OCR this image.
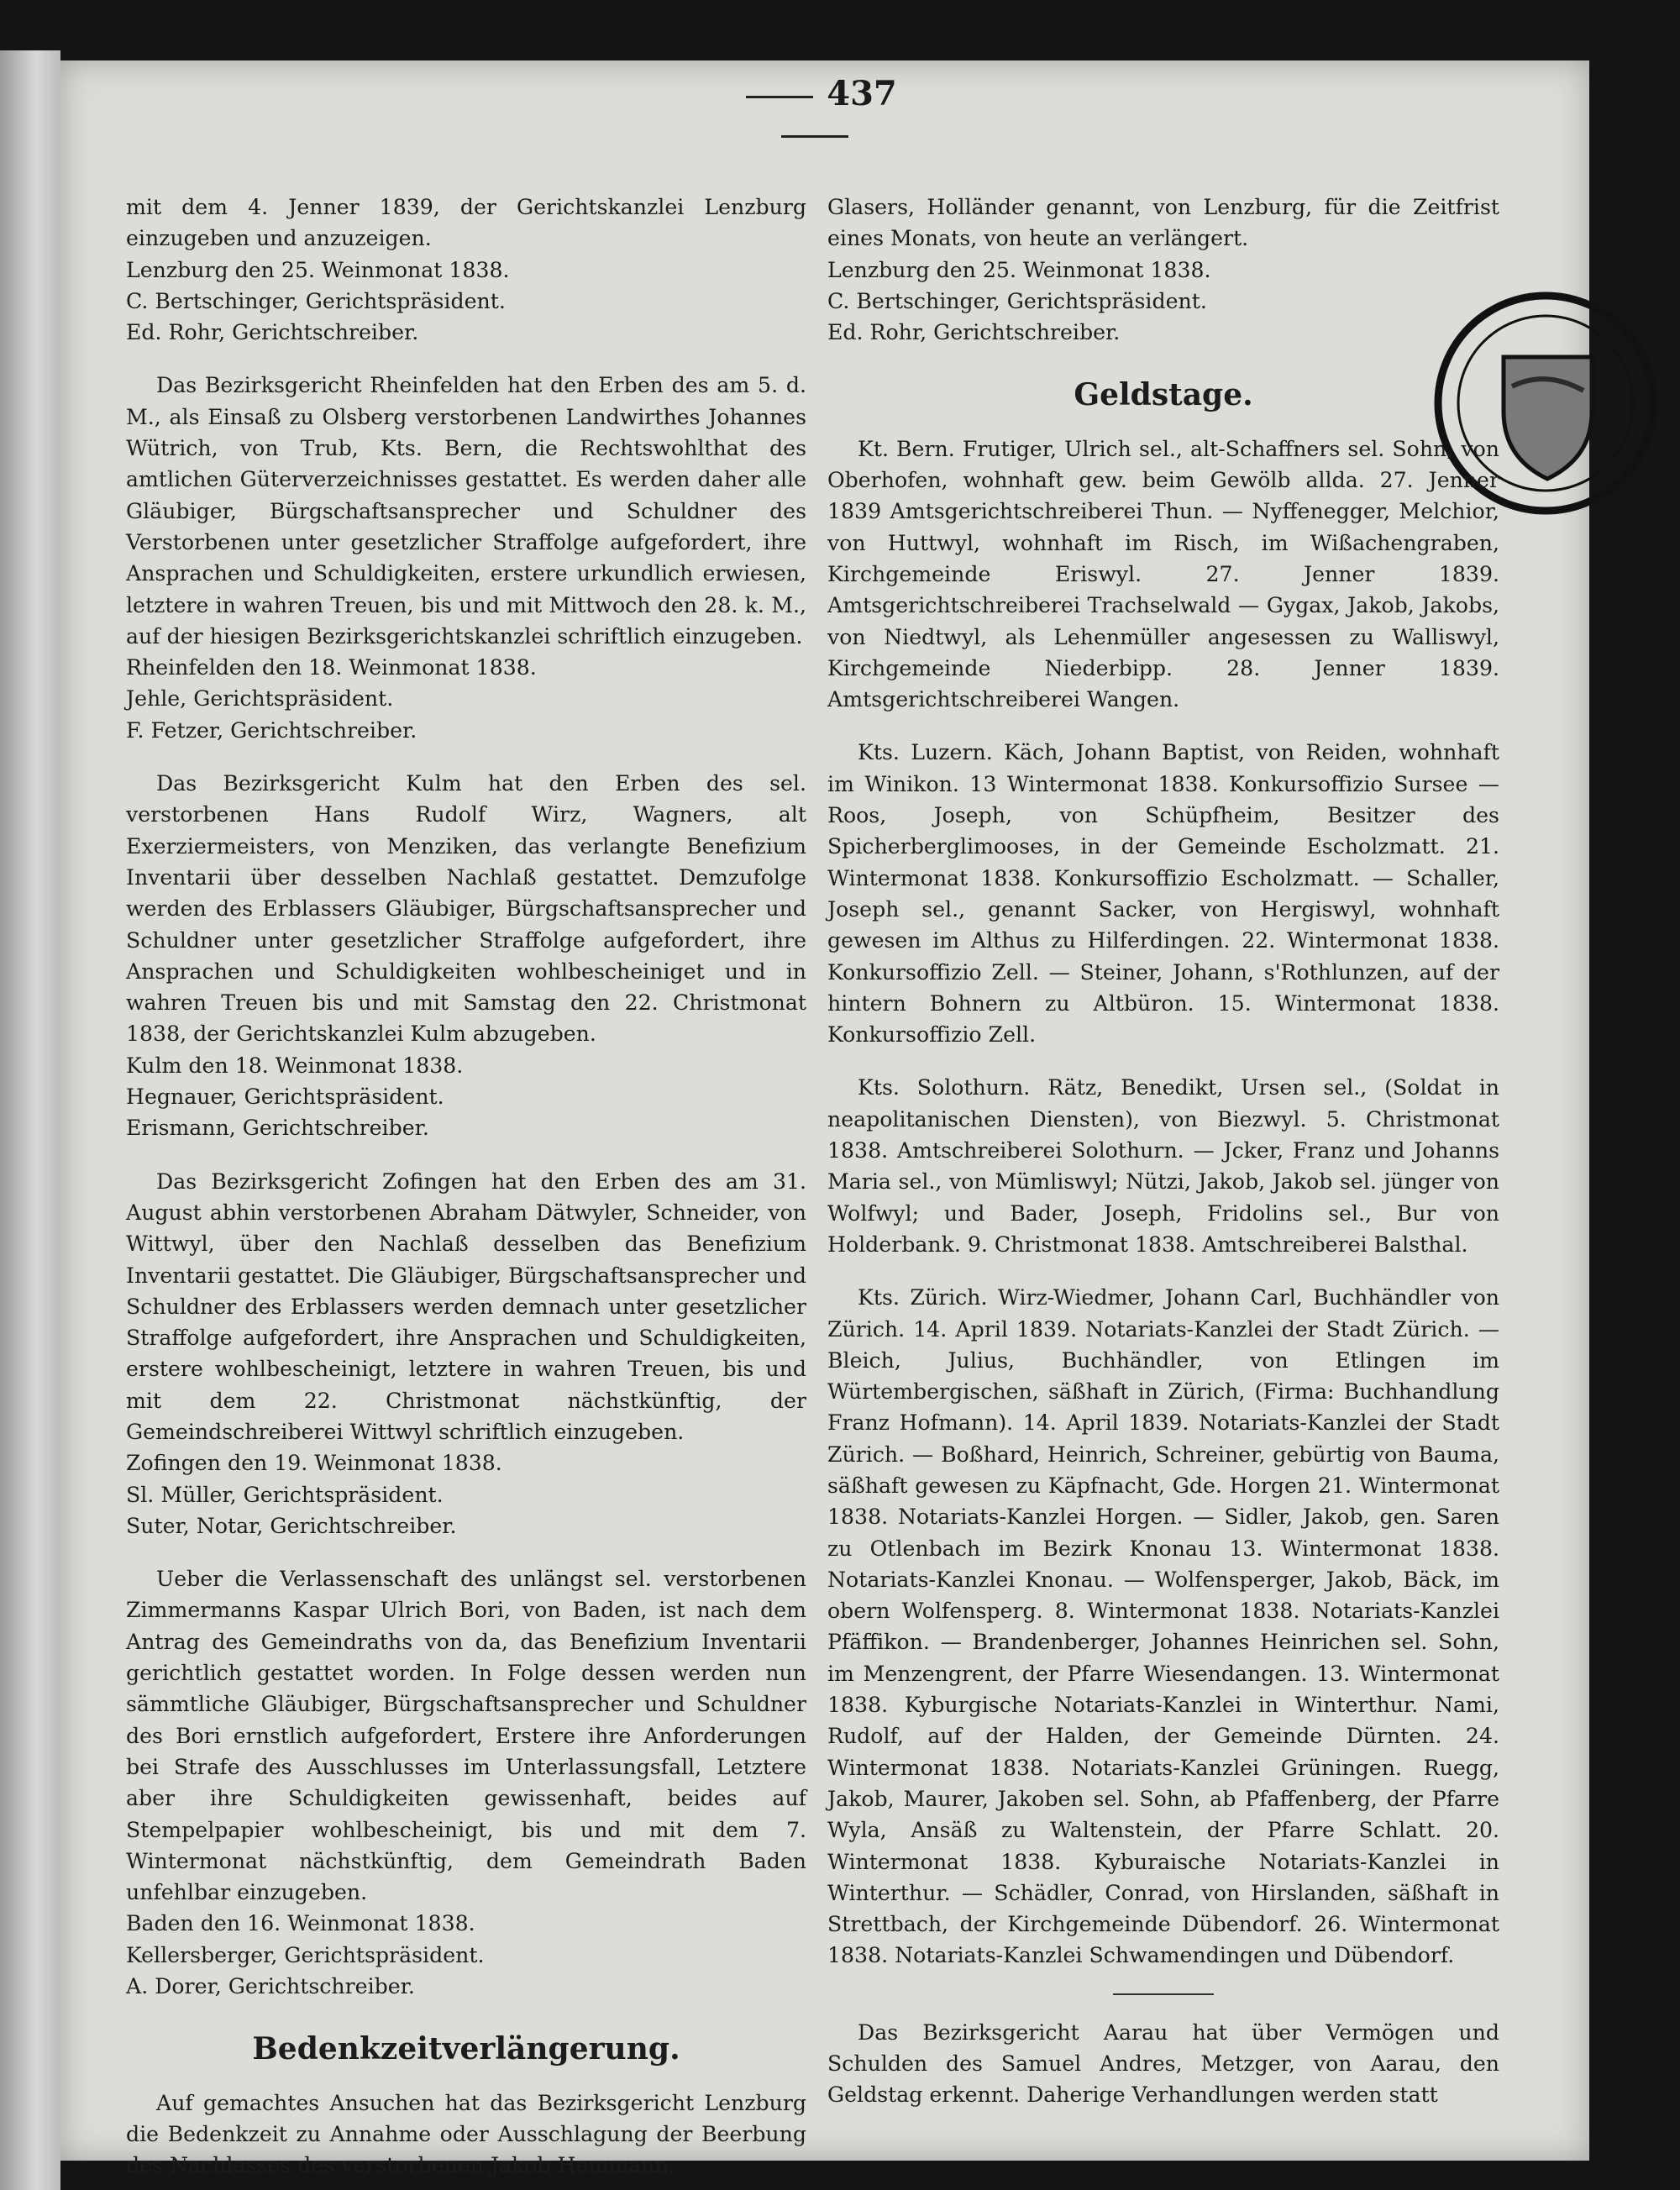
437

mit dem 4. Jenner 1839, der Gerichtskanzlei Lenzburg einzugeben und anzuzeigen.

Lenzburg den 25. Weinmonat 1838.

C. Bertschinger, Gerichtspräsident.

Ed. Rohr, Gerichtschreiber.

Das Bezirksgericht Rheinfelden hat den Erben des am 5. d. M., als Einsaß zu Olsberg verstorbenen Landwirthes Johannes Wütrich, von Trub, Kts. Bern, die Rechtswohlthat des amtlichen Güterverzeichnisses gestattet. Es werden daher alle Gläubiger, Bürgschaftsansprecher und Schuldner des Verstorbenen unter gesetzlicher Straffolge aufgefordert, ihre Ansprachen und Schuldigkeiten, erstere urkundlich erwiesen, letztere in wahren Treuen, bis und mit Mittwoch den 28. k. M., auf der hiesigen Bezirksgerichtskanzlei schriftlich einzugeben.

Rheinfelden den 18. Weinmonat 1838.

Jehle, Gerichtspräsident.

F. Fetzer, Gerichtschreiber.

Das Bezirksgericht Kulm hat den Erben des sel. verstorbenen Hans Rudolf Wirz, Wagners, alt Exerziermeisters, von Menziken, das verlangte Benefizium Inventarii über desselben Nachlaß gestattet. Demzufolge werden des Erblassers Gläubiger, Bürgschaftsansprecher und Schuldner unter gesetzlicher Straffolge aufgefordert, ihre Ansprachen und Schuldigkeiten wohlbescheiniget und in wahren Treuen bis und mit Samstag den 22. Christmonat 1838, der Gerichtskanzlei Kulm abzugeben.

Kulm den 18. Weinmonat 1838.

Hegnauer, Gerichtspräsident.

Erismann, Gerichtschreiber.

Das Bezirksgericht Zofingen hat den Erben des am 31. August abhin verstorbenen Abraham Dätwyler, Schneider, von Wittwyl, über den Nachlaß desselben das Benefizium Inventarii gestattet. Die Gläubiger, Bürgschaftsansprecher und Schuldner des Erblassers werden demnach unter gesetzlicher Straffolge aufgefordert, ihre Ansprachen und Schuldigkeiten, erstere wohlbescheinigt, letztere in wahren Treuen, bis und mit dem 22. Christmonat nächstkünftig, der Gemeindschreiberei Wittwyl schriftlich einzugeben.

Zofingen den 19. Weinmonat 1838.

Sl. Müller, Gerichtspräsident.

Suter, Notar, Gerichtschreiber.

Ueber die Verlassenschaft des unlängst sel. verstorbenen Zimmermanns Kaspar Ulrich Bori, von Baden, ist nach dem Antrag des Gemeindraths von da, das Benefizium Inventarii gerichtlich gestattet worden. In Folge dessen werden nun sämmtliche Gläubiger, Bürgschaftsansprecher und Schuldner des Bori ernstlich aufgefordert, Erstere ihre Anforderungen bei Strafe des Ausschlusses im Unterlassungsfall, Letztere aber ihre Schuldigkeiten gewissenhaft, beides auf Stempelpapier wohlbescheinigt, bis und mit dem 7. Wintermonat nächstkünftig, dem Gemeindrath Baden unfehlbar einzugeben.

Baden den 16. Weinmonat 1838.

Kellersberger, Gerichtspräsident.

A. Dorer, Gerichtschreiber.

Bedenkzeitverlängerung.

Auf gemachtes Ansuchen hat das Bezirksgericht Lenzburg die Bedenkzeit zu Annahme oder Ausschlagung der Beerbung des Nachlasses des verstorbenen Jakob Hemmann,

Glasers, Holländer genannt, von Lenzburg, für die Zeitfrist eines Monats, von heute an verlängert.

Lenzburg den 25. Weinmonat 1838.

C. Bertschinger, Gerichtspräsident.

Ed. Rohr, Gerichtschreiber.

Geldstage.

Kt. Bern. Frutiger, Ulrich sel., alt-Schaffners sel. Sohn, von Oberhofen, wohnhaft gew. beim Gewölb allda. 27. Jenner 1839 Amtsgerichtschreiberei Thun. — Nyffenegger, Melchior, von Huttwyl, wohnhaft im Risch, im Wißachengraben, Kirchgemeinde Eriswyl. 27. Jenner 1839. Amtsgerichtschreiberei Trachselwald — Gygax, Jakob, Jakobs, von Niedtwyl, als Lehenmüller angesessen zu Walliswyl, Kirchgemeinde Niederbipp. 28. Jenner 1839. Amtsgerichtschreiberei Wangen.

Kts. Luzern. Käch, Johann Baptist, von Reiden, wohnhaft im Winikon. 13 Wintermonat 1838. Konkursoffizio Sursee — Roos, Joseph, von Schüpfheim, Besitzer des Spicherberglimooses, in der Gemeinde Escholzmatt. 21. Wintermonat 1838. Konkursoffizio Escholzmatt. — Schaller, Joseph sel., genannt Sacker, von Hergiswyl, wohnhaft gewesen im Althus zu Hilferdingen. 22. Wintermonat 1838. Konkursoffizio Zell. — Steiner, Johann, s'Rothlunzen, auf der hintern Bohnern zu Altbüron. 15. Wintermonat 1838. Konkursoffizio Zell.

Kts. Solothurn. Rätz, Benedikt, Ursen sel., (Soldat in neapolitanischen Diensten), von Biezwyl. 5. Christmonat 1838. Amtschreiberei Solothurn. — Jcker, Franz und Johanns Maria sel., von Mümliswyl; Nützi, Jakob, Jakob sel. jünger von Wolfwyl; und Bader, Joseph, Fridolins sel., Bur von Holderbank. 9. Christmonat 1838. Amtschreiberei Balsthal.

Kts. Zürich. Wirz-Wiedmer, Johann Carl, Buchhändler von Zürich. 14. April 1839. Notariats-Kanzlei der Stadt Zürich. — Bleich, Julius, Buchhändler, von Etlingen im Würtembergischen, säßhaft in Zürich, (Firma: Buchhandlung Franz Hofmann). 14. April 1839. Notariats-Kanzlei der Stadt Zürich. — Boßhard, Heinrich, Schreiner, gebürtig von Bauma, säßhaft gewesen zu Käpfnacht, Gde. Horgen 21. Wintermonat 1838. Notariats-Kanzlei Horgen. — Sidler, Jakob, gen. Saren zu Otlenbach im Bezirk Knonau 13. Wintermonat 1838. Notariats-Kanzlei Knonau. — Wolfensperger, Jakob, Bäck, im obern Wolfensperg. 8. Wintermonat 1838. Notariats-Kanzlei Pfäffikon. — Brandenberger, Johannes Heinrichen sel. Sohn, im Menzengrent, der Pfarre Wiesendangen. 13. Wintermonat 1838. Kyburgische Notariats-Kanzlei in Winterthur. Nami, Rudolf, auf der Halden, der Gemeinde Dürnten. 24. Wintermonat 1838. Notariats-Kanzlei Grüningen. Ruegg, Jakob, Maurer, Jakoben sel. Sohn, ab Pfaffenberg, der Pfarre Wyla, Ansäß zu Waltenstein, der Pfarre Schlatt. 20. Wintermonat 1838. Kyburaische Notariats-Kanzlei in Winterthur. — Schädler, Conrad, von Hirslanden, säßhaft in Strettbach, der Kirchgemeinde Dübendorf. 26. Wintermonat 1838. Notariats-Kanzlei Schwamendingen und Dübendorf.

Das Bezirksgericht Aarau hat über Vermögen und Schulden des Samuel Andres, Metzger, von Aarau, den Geldstag erkennt. Daherige Verhandlungen werden statt
